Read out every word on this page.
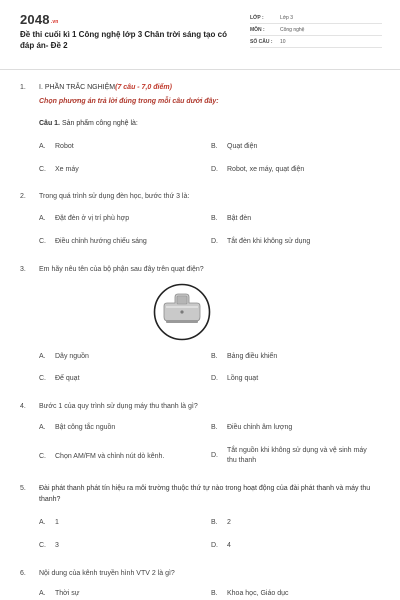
2048.vn
Đề thi cuối kì 1 Công nghệ lớp 3 Chân trời sáng tạo có đáp án- Đề 2
LỚP :	Lớp 3
MÔN :	Công nghệ
SỐ CÂU :	10
1.	I. PHẦN TRẮC NGHIỆM(7 câu - 7,0 điểm)
Chọn phương án trả lời đúng trong mỗi câu dưới đây:
Câu 1. Sản phẩm công nghệ là:
A.	Robot	B.	Quạt điện
C.	Xe máy	D.	Robot, xe máy, quạt điện
2.	Trong quá trình sử dụng đèn học, bước thứ 3 là:
A.	Đặt đèn ở vị trí phù hợp	B.	Bật đèn
C.	Điều chỉnh hướng chiếu sáng	D.	Tắt đèn khi không sử dụng
3.	Em hãy nêu tên của bộ phận sau đây trên quạt điện?
A.	Dây nguồn	B.	Bảng điều khiển
C.	Đế quạt	D.	Lồng quạt
4.	Bước 1 của quy trình sử dụng máy thu thanh là gì?
A.	Bật công tắc nguồn	B.	Điều chỉnh âm lượng
C.	Chọn AM/FM và chỉnh nút dò kênh.	D.
Tắt nguồn khi không sử dụng và vệ sinh máy thu thanh
5.	Đài phát thanh phát tín hiệu ra môi trường thuộc thứ tự nào trong hoạt động của đài phát thanh và máy thu thanh?
A.	1	B.	2
C.	3	D.	4
6.	Nội dung của kênh truyền hình VTV 2 là gì?
A.	Thời sự	B.	Khoa học, Giáo dục
